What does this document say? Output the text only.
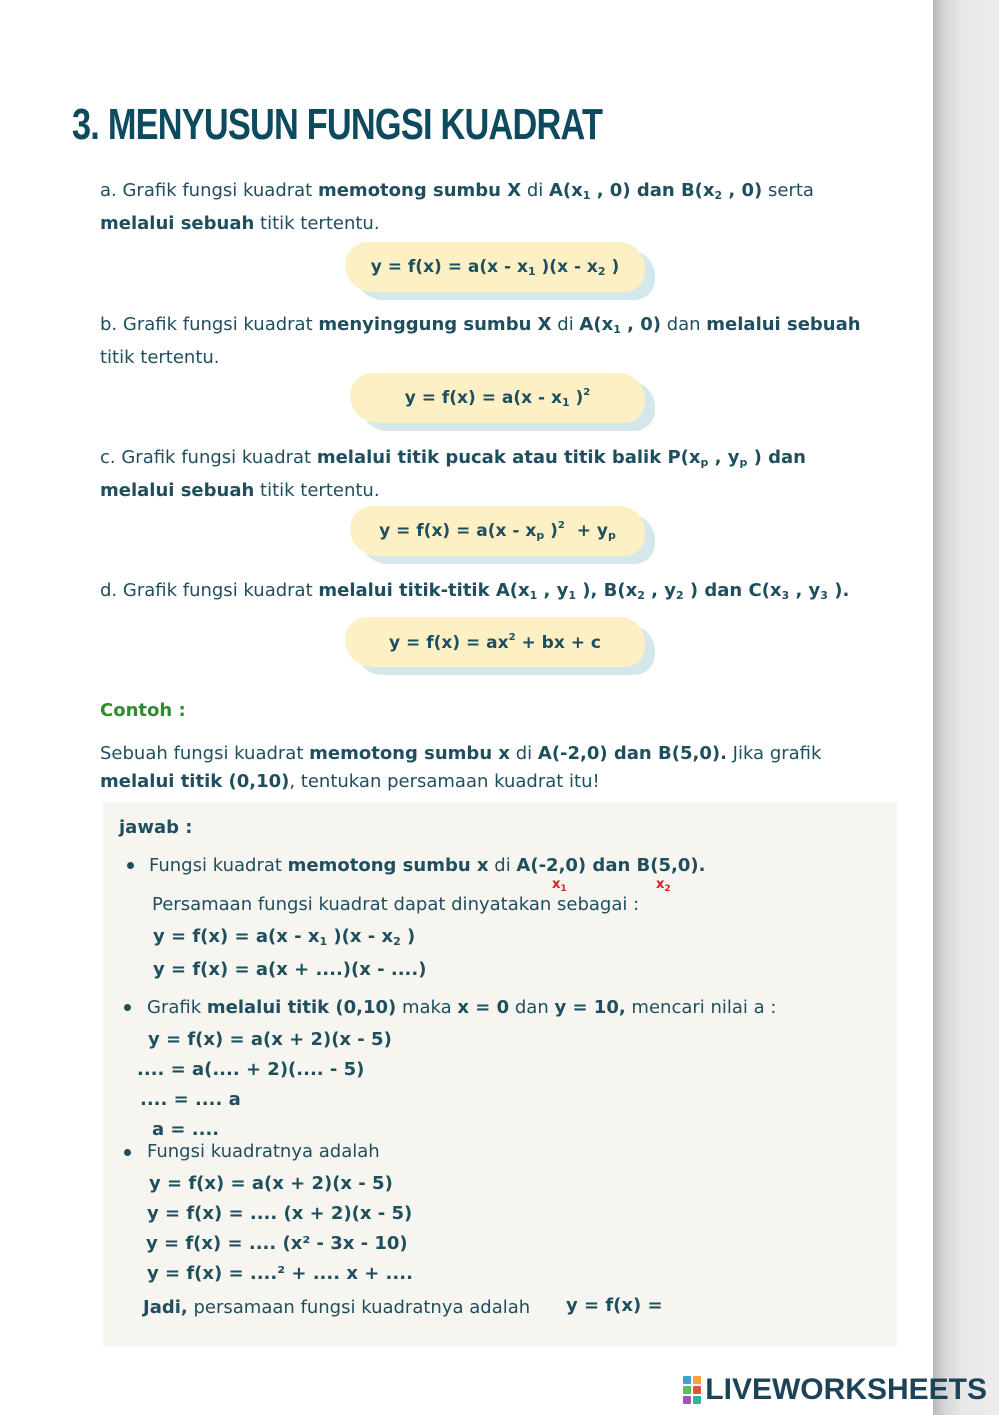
3. MENYUSUN FUNGSI KUADRAT

a. Grafik fungsi kuadrat memotong sumbu X di $A(x_1$ , 0) dan $B(x_2$ , 0) serta melalui sebuah titik tertentu.

$y = f(x) = a(x - x_1$ )($x - x_2$ )

b. Grafik fungsi kuadrat menyinggung sumbu X di $A(x_1$ , 0) dan melalui sebuah titik tertentu.

$y = f(x) = a(x - x_1$ )$^2$

c. Grafik fungsi kuadrat melalui titik pucak atau titik balik $P(x_p$ , $y_p$ ) dan melalui sebuah titik tertentu.

$y = f(x) = a(x - x_p$ )$^2 + y_p$

d. Grafik fungsi kuadrat melalui titik-titik $A(x_1$ , $y_1$ ), $B(x_2$ , $y_2$ ) dan $C(x_3$ , $y_3$ ).

$y = f(x) = ax^2$ + bx + c
Contoh :

Sebuah fungsi kuadrat memotong sumbu x di A(-2,0) dan B(5,0). Jika grafik melalui titik (0,10), tentukan persamaan kuadrat itu!

jawab :
Fungsi kuadrat memotong sumbu x di A(-2,0) dan B(5,0).
$x_1$	$x_2$
Persamaan fungsi kuadrat dapat dinyatakan sebagai :
$y = f(x) = a(x - x_1$ )($x - x_2$ )
y = f(x) = a(x + ....)(x - ....)
Grafik melalui titik (0,10) maka x = 0 dan y = 10, mencari nilai a :
y = f(x) = a(x + 2)(x - 5)
.... = a(.... + 2)(.... - 5)
.... = .... a
a = ....
Fungsi kuadratnya adalah
y = f(x) = a(x + 2)(x - 5)
y = f(x) = .... (x + 2)(x - 5)
y = f(x) = .... (x² - 3x - 10)
y = f(x) = ....² + .... x + ....
Jadi, persamaan fungsi kuadratnya adalah y = f(x) =
LIVEWORKSHEETS
